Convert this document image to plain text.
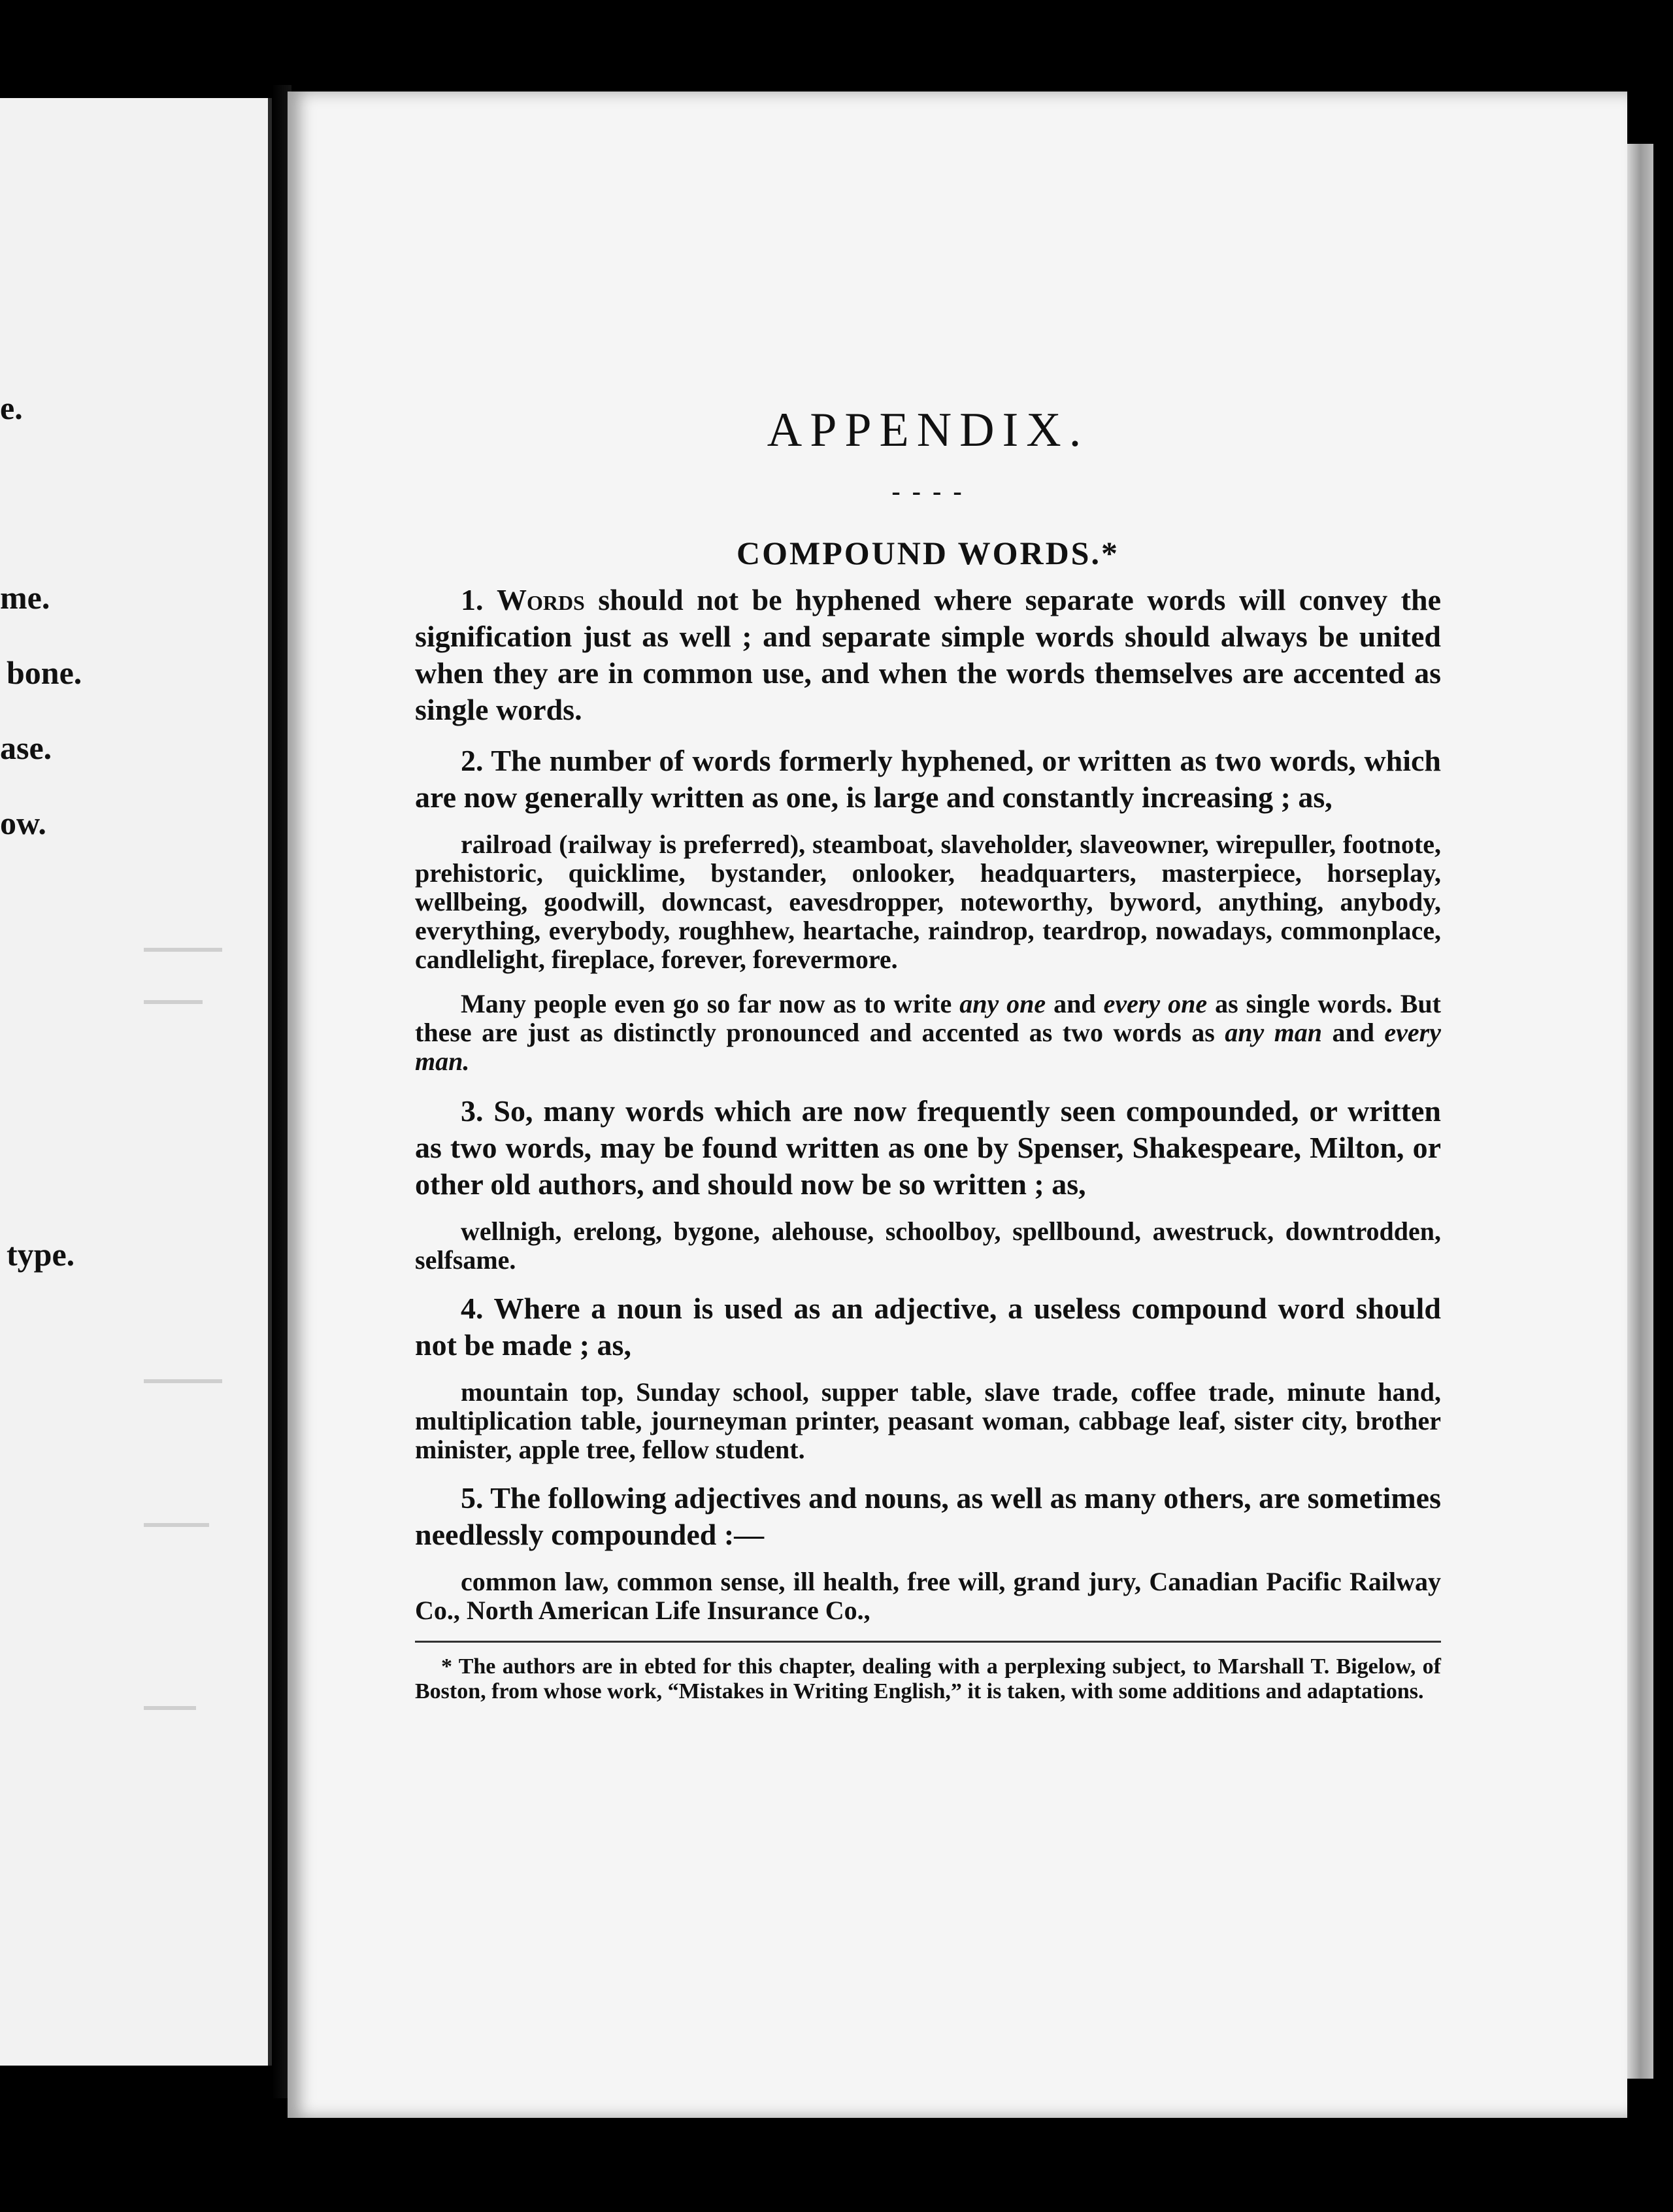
e.
me.
bone.
ase.
ow.
type.
APPENDIX.
- - - -
COMPOUND WORDS.*

1. Words should not be hyphened where separate words will convey the signification just as well ; and separate simple words should always be united when they are in common use, and when the words themselves are accented as single words.

2. The number of words formerly hyphened, or written as two words, which are now generally written as one, is large and constantly increasing ; as,

railroad (railway is preferred), steamboat, slaveholder, slaveowner, wirepuller, footnote, prehistoric, quicklime, bystander, onlooker, headquarters, masterpiece, horseplay, wellbeing, goodwill, downcast, eavesdropper, noteworthy, byword, anything, anybody, everything, everybody, roughhew, heartache, raindrop, teardrop, nowadays, commonplace, candlelight, fireplace, forever, forevermore.

Many people even go so far now as to write any one and every one as single words. But these are just as distinctly pronounced and accented as two words as any man and every man.

3. So, many words which are now frequently seen compounded, or written as two words, may be found written as one by Spenser, Shakespeare, Milton, or other old authors, and should now be so written ; as,

wellnigh, erelong, bygone, alehouse, schoolboy, spellbound, awestruck, downtrodden, selfsame.

4. Where a noun is used as an adjective, a useless compound word should not be made ; as,

mountain top, Sunday school, supper table, slave trade, coffee trade, minute hand, multiplication table, journeyman printer, peasant woman, cabbage leaf, sister city, brother minister, apple tree, fellow student.

5. The following adjectives and nouns, as well as many others, are sometimes needlessly compounded :—

common law, common sense, ill health, free will, grand jury, Canadian Pacific Railway Co., North American Life Insurance Co.,

* The authors are in ebted for this chapter, dealing with a perplexing subject, to Marshall T. Bigelow, of Boston, from whose work, “Mistakes in Writing English,” it is taken, with some additions and adaptations.
